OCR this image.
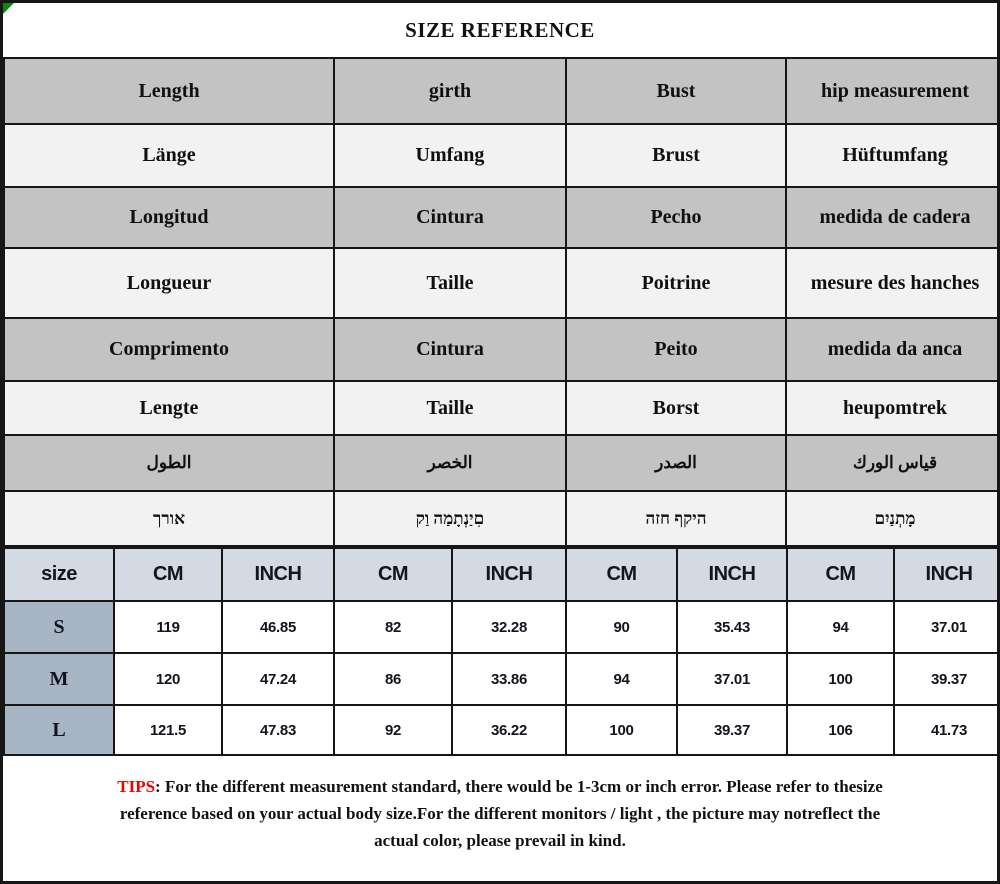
SIZE REFERENCE
Length	girth	Bust	hip measurement
Länge	Umfang	Brust	Hüftumfang
Longitud	Cintura	Pecho	medida de cadera
Longueur	Taille	Poitrine	mesure des hanches
Comprimento	Cintura	Peito	medida da anca
Lengte	Taille	Borst	heupomtrek
الطول	الخصر	الصدر	قياس الورك
אורך	םִיַנְתָמַה וַק	היקף חזה	מָתְנַיִם
size	CM	INCH	CM	INCH	CM	INCH	CM	INCH
S	119	46.85	82	32.28	90	35.43	94	37.01
M	120	47.24	86	33.86	94	37.01	100	39.37
L	121.5	47.83	92	36.22	100	39.37	106	41.73
TIPS: For the different measurement standard, there would be 1-3cm or inch error. Please refer to thesize
reference based on your actual body size.For the different monitors / light , the picture may notreflect the
actual color, please prevail in kind.
